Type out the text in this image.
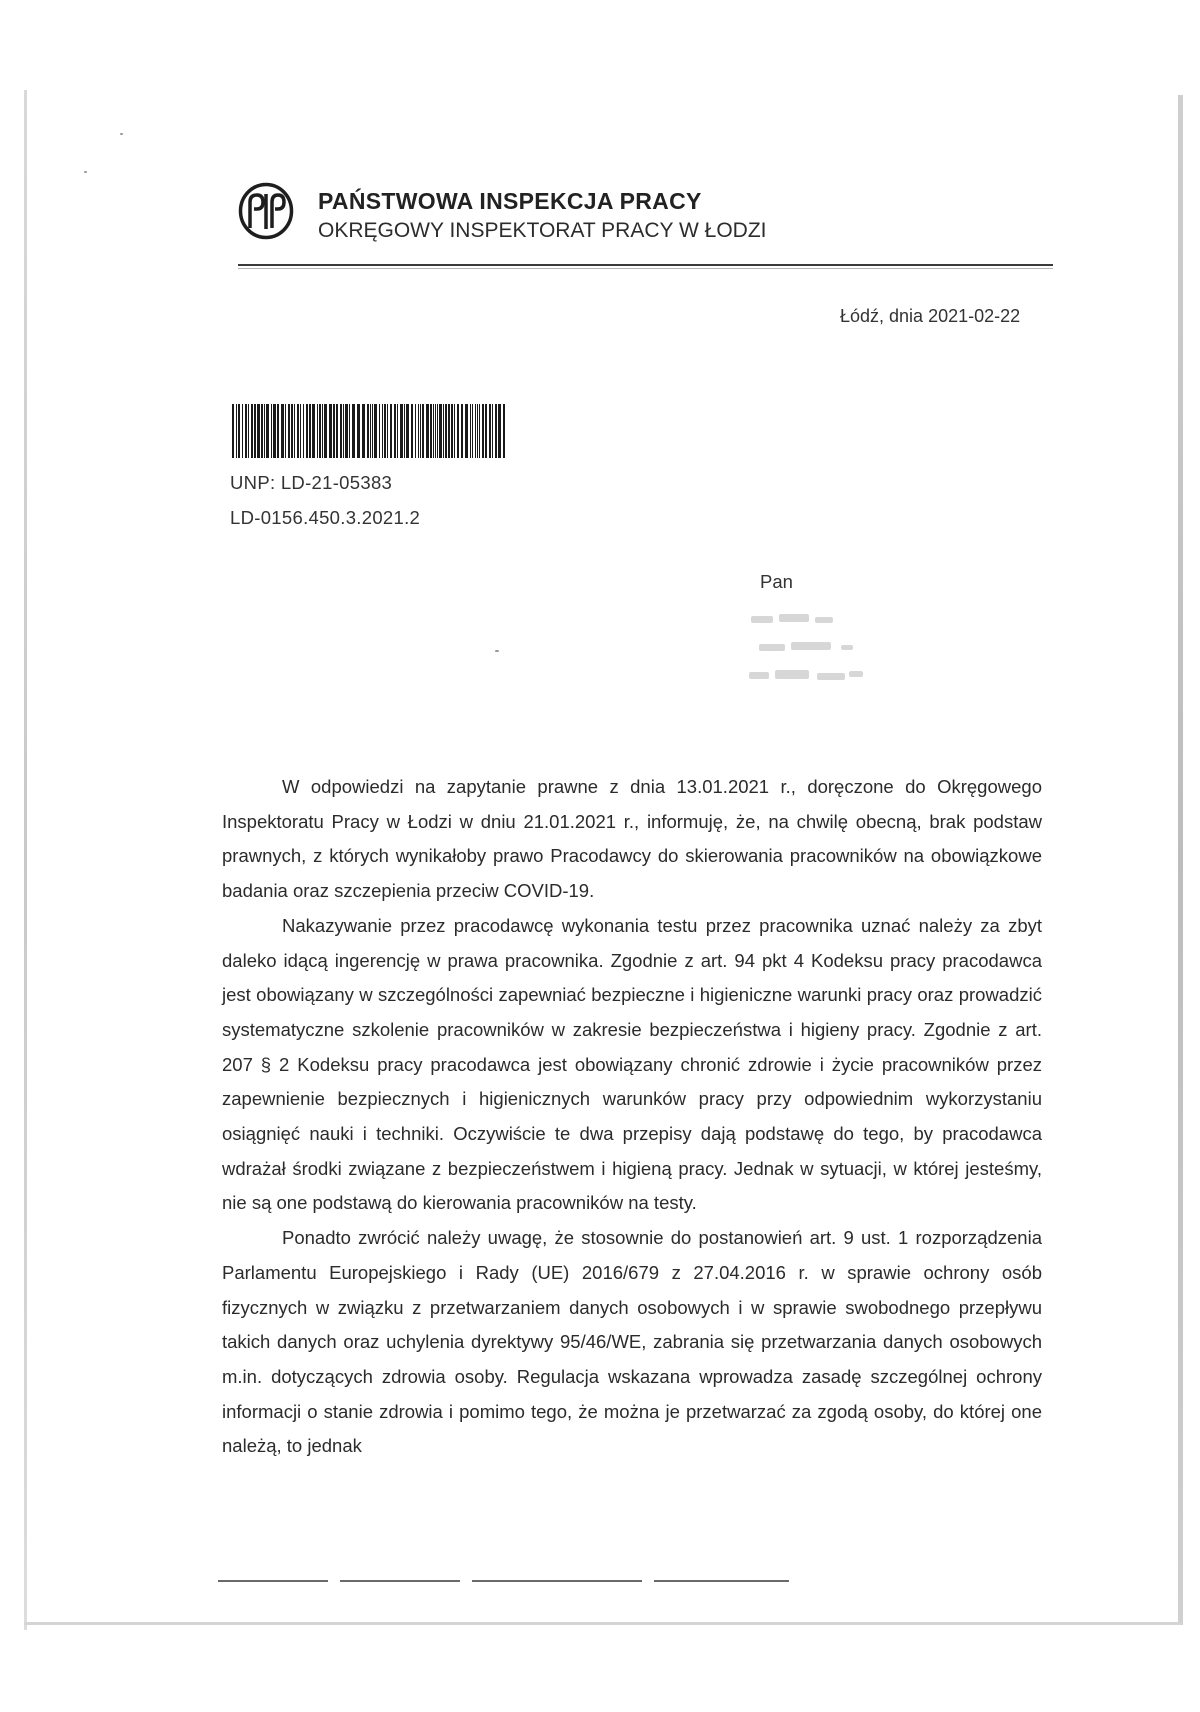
PAŃSTWOWA INSPEKCJA PRACY
OKRĘGOWY INSPEKTORAT PRACY W ŁODZI
Łódź, dnia 2021-02-22
UNP: LD-21-05383
LD-0156.450.3.2021.2
Pan

W odpowiedzi na zapytanie prawne z dnia 13.01.2021 r., doręczone do Okręgowego Inspektoratu Pracy w Łodzi w dniu 21.01.2021 r., informuję, że, na chwilę obecną, brak podstaw prawnych, z których wynikałoby prawo Pracodawcy do skierowania pracowników na obowiązkowe badania oraz szczepienia przeciw COVID-19.

Nakazywanie przez pracodawcę wykonania testu przez pracownika uznać należy za zbyt daleko idącą ingerencję w prawa pracownika. Zgodnie z art. 94 pkt 4 Kodeksu pracy pracodawca jest obowiązany w szczególności zapewniać bezpieczne i higieniczne warunki pracy oraz prowadzić systematyczne szkolenie pracowników w zakresie bezpieczeństwa i higieny pracy. Zgodnie z art. 207 § 2 Kodeksu pracy pracodawca jest obowiązany chronić zdrowie i życie pracowników przez zapewnienie bezpiecznych i higienicznych warunków pracy przy odpowiednim wykorzystaniu osiągnięć nauki i techniki. Oczywiście te dwa przepisy dają podstawę do tego, by pracodawca wdrażał środki związane z bezpieczeństwem i higieną pracy. Jednak w sytuacji, w której jesteśmy, nie są one podstawą do kierowania pracowników na testy.

Ponadto zwrócić należy uwagę, że stosownie do postanowień art. 9 ust. 1 rozporządzenia Parlamentu Europejskiego i Rady (UE) 2016/679 z 27.04.2016 r. w sprawie ochrony osób fizycznych w związku z przetwarzaniem danych osobowych i w sprawie swobodnego przepływu takich danych oraz uchylenia dyrektywy 95/46/WE, zabrania się przetwarzania danych osobowych m.in. dotyczących zdrowia osoby. Regulacja wskazana wprowadza zasadę szczególnej ochrony informacji o stanie zdrowia i pomimo tego, że można je przetwarzać za zgodą osoby, do której one należą, to jednak
